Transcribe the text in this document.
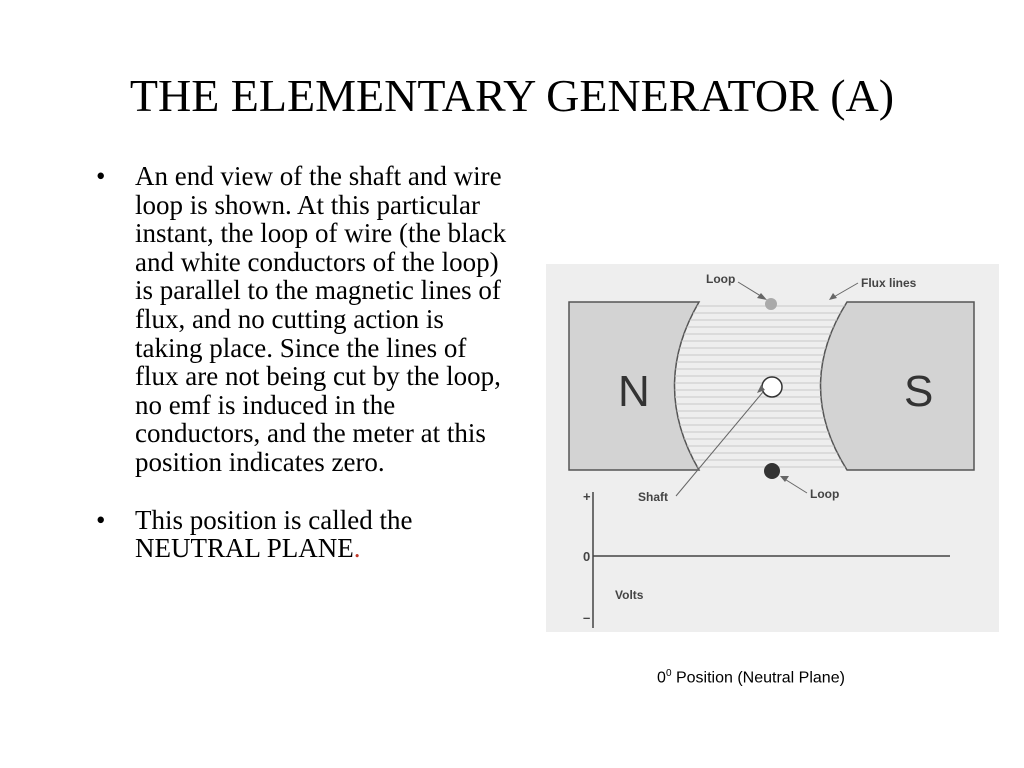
THE ELEMENTARY GENERATOR (A)
• An end view of the shaft and wire loop is shown. At this particular instant, the loop of wire (the black and white conductors of the loop) is parallel to the magnetic lines of flux, and no cutting action is taking place. Since the lines of flux are not being cut by the loop, no emf is induced in the conductors, and the meter at this position indicates zero.
• This position is called the NEUTRAL PLANE.
N	S
Loop	Flux lines
Shaft	Loop
+
0
–
Volts
$0^0$ Position (Neutral Plane)
